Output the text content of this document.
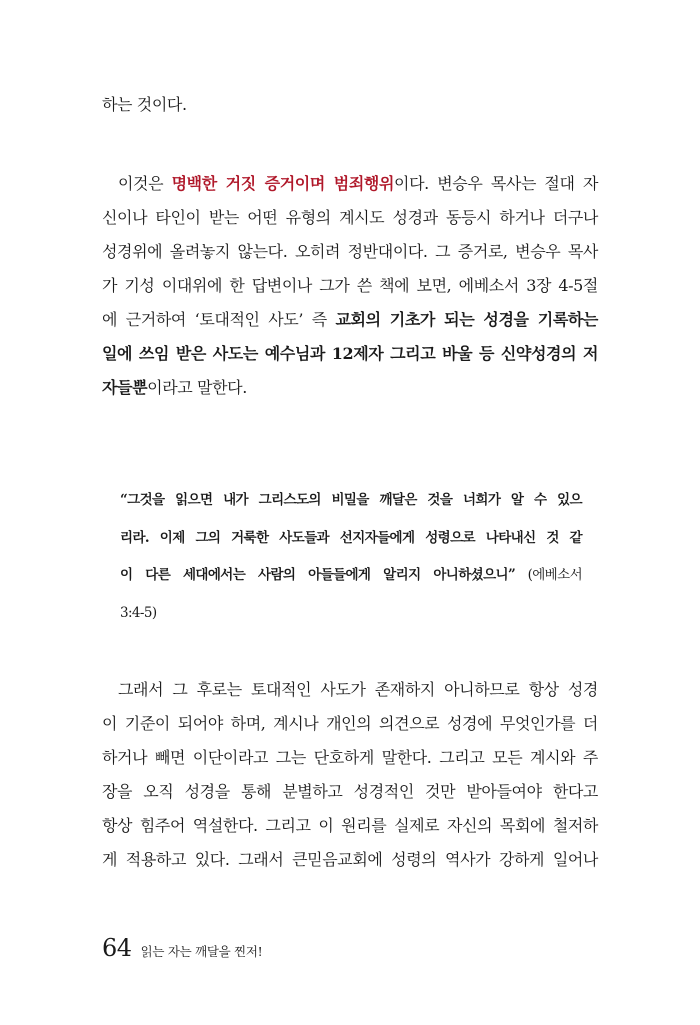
하는 것이다.
이것은 명백한 거짓 증거이며 범죄행위이다. 변승우 목사는 절대 자
신이나 타인이 받는 어떤 유형의 계시도 성경과 동등시 하거나 더구나
성경위에 올려놓지 않는다. 오히려 정반대이다. 그 증거로, 변승우 목사
가 기성 이대위에 한 답변이나 그가 쓴 책에 보면, 에베소서 3장 4-5절
에 근거하여 ‘토대적인 사도’ 즉 교회의 기초가 되는 성경을 기록하는
일에 쓰임 받은 사도는 예수님과 12제자 그리고 바울 등 신약성경의 저
자들뿐이라고 말한다.
“그것을 읽으면 내가 그리스도의 비밀을 깨달은 것을 너희가 알 수 있으
리라. 이제 그의 거룩한 사도들과 선지자들에게 성령으로 나타내신 것 같
이 다른 세대에서는 사람의 아들들에게 알리지 아니하셨으니” (에베소서
3:4-5)
그래서 그 후로는 토대적인 사도가 존재하지 아니하므로 항상 성경
이 기준이 되어야 하며, 계시나 개인의 의견으로 성경에 무엇인가를 더
하거나 빼면 이단이라고 그는 단호하게 말한다. 그리고 모든 계시와 주
장을 오직 성경을 통해 분별하고 성경적인 것만 받아들여야 한다고
항상 힘주어 역설한다. 그리고 이 원리를 실제로 자신의 목회에 철저하
게 적용하고 있다. 그래서 큰믿음교회에 성령의 역사가 강하게 일어나
64 읽는 자는 깨달을 찐저!
